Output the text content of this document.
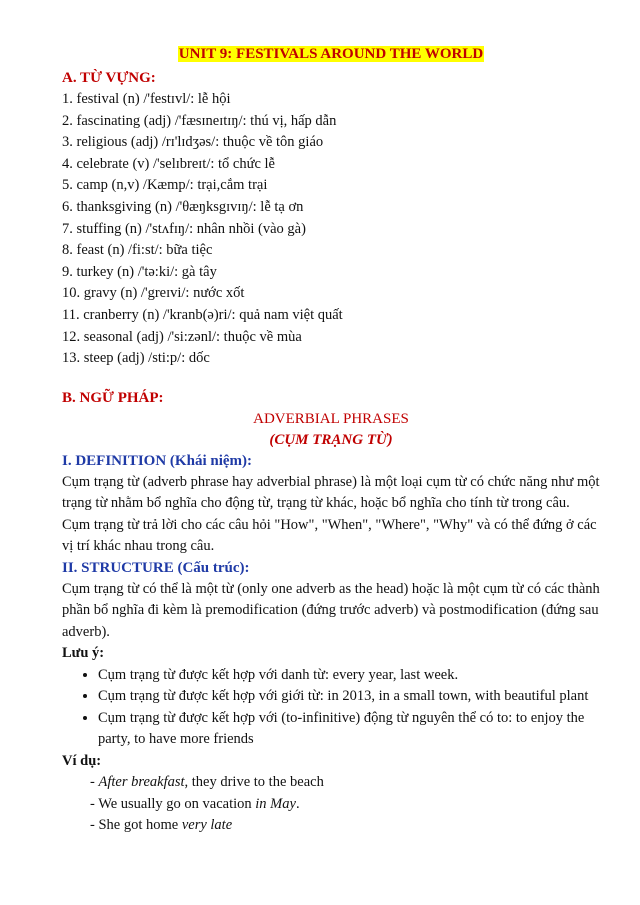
UNIT 9: FESTIVALS AROUND THE WORLD
A. TỪ VỰNG:
1. festival (n) /'festɪvl/: lễ hội
2. fascinating (adj) /'fæsɪneɪtɪŋ/: thú vị, hấp dẫn
3. religious (adj) /rɪ'lɪdʒəs/: thuộc về tôn giáo
4. celebrate (v) /'selɪbreɪt/: tổ chức lễ
5. camp (n,v) /Kæmp/: trại,cắm trại
6. thanksgiving (n) /'θæŋksgɪvɪŋ/: lễ tạ ơn
7. stuffing (n) /'stʌfɪŋ/: nhân nhồi (vào gà)
8. feast (n) /fi:st/: bữa tiệc
9. turkey (n) /'tə:ki/: gà tây
10. gravy (n) /'greɪvi/: nước xốt
11. cranberry (n) /'kranb(ə)ri/: quả nam việt quất
12. seasonal (adj) /'si:zənl/: thuộc về mùa
13. steep (adj) /sti:p/: dốc
B. NGỮ PHÁP:
ADVERBIAL PHRASES
(CỤM TRẠNG TỪ)
I. DEFINITION (Khái niệm):

Cụm trạng từ (adverb phrase hay adverbial phrase) là một loại cụm từ có chức năng như một trạng từ nhằm bổ nghĩa cho động từ, trạng từ khác, hoặc bổ nghĩa cho tính từ trong câu.

Cụm trạng từ trả lời cho các câu hỏi "How", "When", "Where", "Why" và có thể đứng ở các vị trí khác nhau trong câu.

II. STRUCTURE (Cấu trúc):

Cụm trạng từ có thể là một từ (only one adverb as the head) hoặc là một cụm từ có các thành phần bổ nghĩa đi kèm là premodification (đứng trước adverb) và postmodification (đứng sau adverb).

Lưu ý:
• Cụm trạng từ được kết hợp với danh từ: every year, last week.
• Cụm trạng từ được kết hợp với giới từ: in 2013, in a small town, with beautiful plant
• Cụm trạng từ được kết hợp với (to-infinitive) động từ nguyên thể có to: to enjoy the party, to have more friends
Ví dụ:

- After breakfast, they drive to the beach

- We usually go on vacation in May.

- She got home very late
